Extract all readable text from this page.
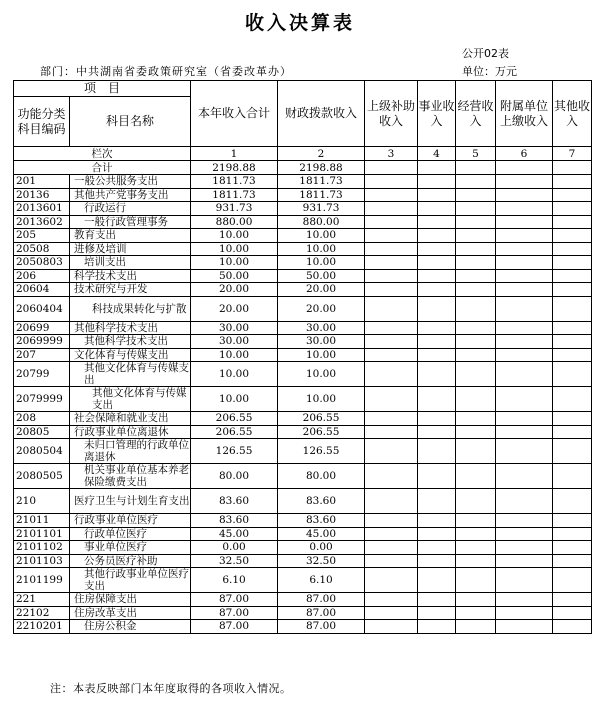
收入决算表
公开02表
部门：中共湖南省委政策研究室（省委改革办）	单位：万元
项　目		本年收入合计	财政拨款收入	上级补助收入	事业收入	经营收入	附属单位上缴收入	其他收入
功能分类科目编码	科目名称							
栏次		1	2	3	4	5	6	7
合计		2198.88	2198.88					
201	一般公共服务支出	1811.73	1811.73					
20136	其他共产党事务支出	1811.73	1811.73					
2013601	行政运行	931.73	931.73					
2013602	一般行政管理事务	880.00	880.00					
205	教育支出	10.00	10.00					
20508	进修及培训	10.00	10.00					
2050803	培训支出	10.00	10.00					
206	科学技术支出	50.00	50.00					
20604	技术研究与开发	20.00	20.00					
2060404	科技成果转化与扩散	20.00	20.00					
20699	其他科学技术支出	30.00	30.00					
2069999	其他科学技术支出	30.00	30.00					
207	文化体育与传媒支出	10.00	10.00					
20799	其他文化体育与传媒支出	10.00	10.00					
2079999	其他文化体育与传媒支出	10.00	10.00					
208	社会保障和就业支出	206.55	206.55					
20805	行政事业单位离退休	206.55	206.55					
2080504	未归口管理的行政单位离退休	126.55	126.55					
2080505	机关事业单位基本养老保险缴费支出	80.00	80.00					
210	医疗卫生与计划生育支出	83.60	83.60					
21011	行政事业单位医疗	83.60	83.60					
2101101	行政单位医疗	45.00	45.00					
2101102	事业单位医疗	0.00	0.00					
2101103	公务员医疗补助	32.50	32.50					
2101199	其他行政事业单位医疗支出	6.10	6.10					
221	住房保障支出	87.00	87.00					
22102	住房改革支出	87.00	87.00					
2210201	住房公积金	87.00	87.00					
注：本表反映部门本年度取得的各项收入情况。
